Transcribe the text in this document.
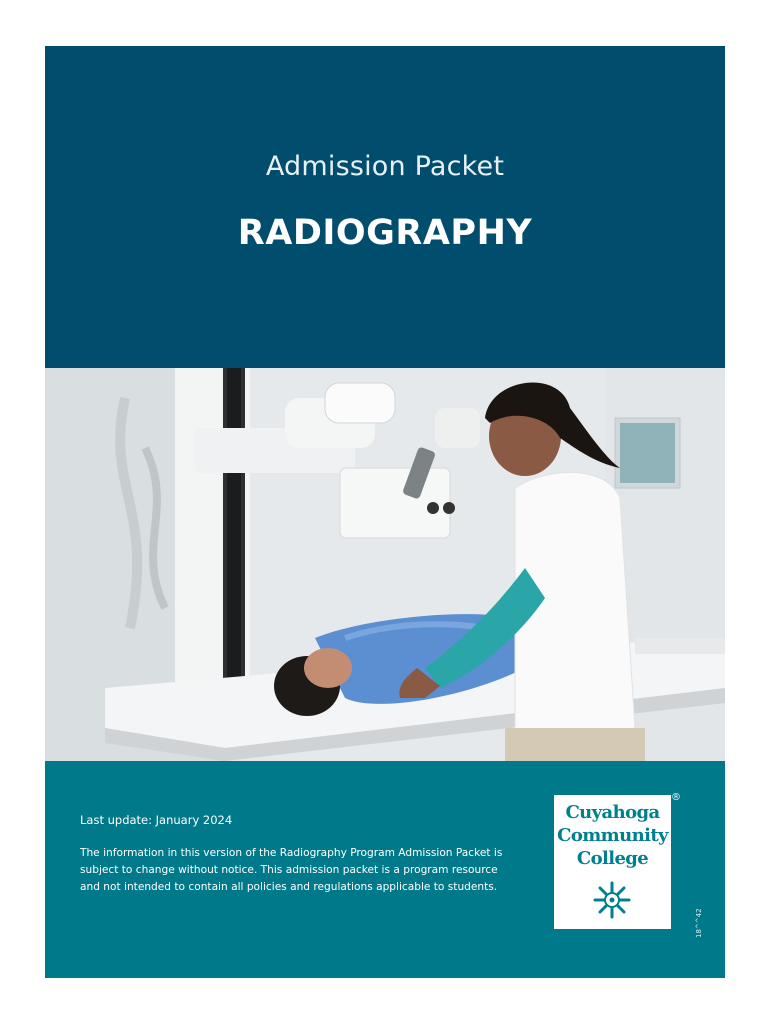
Admission Packet
RADIOGRAPHY
Last update: January 2024
The information in this version of the Radiography Program Admission Packet is subject to change without notice. This admission packet is a program resource and not intended to contain all policies and regulations applicable to students.
Cuyahoga
Community
College
®
18^^42
